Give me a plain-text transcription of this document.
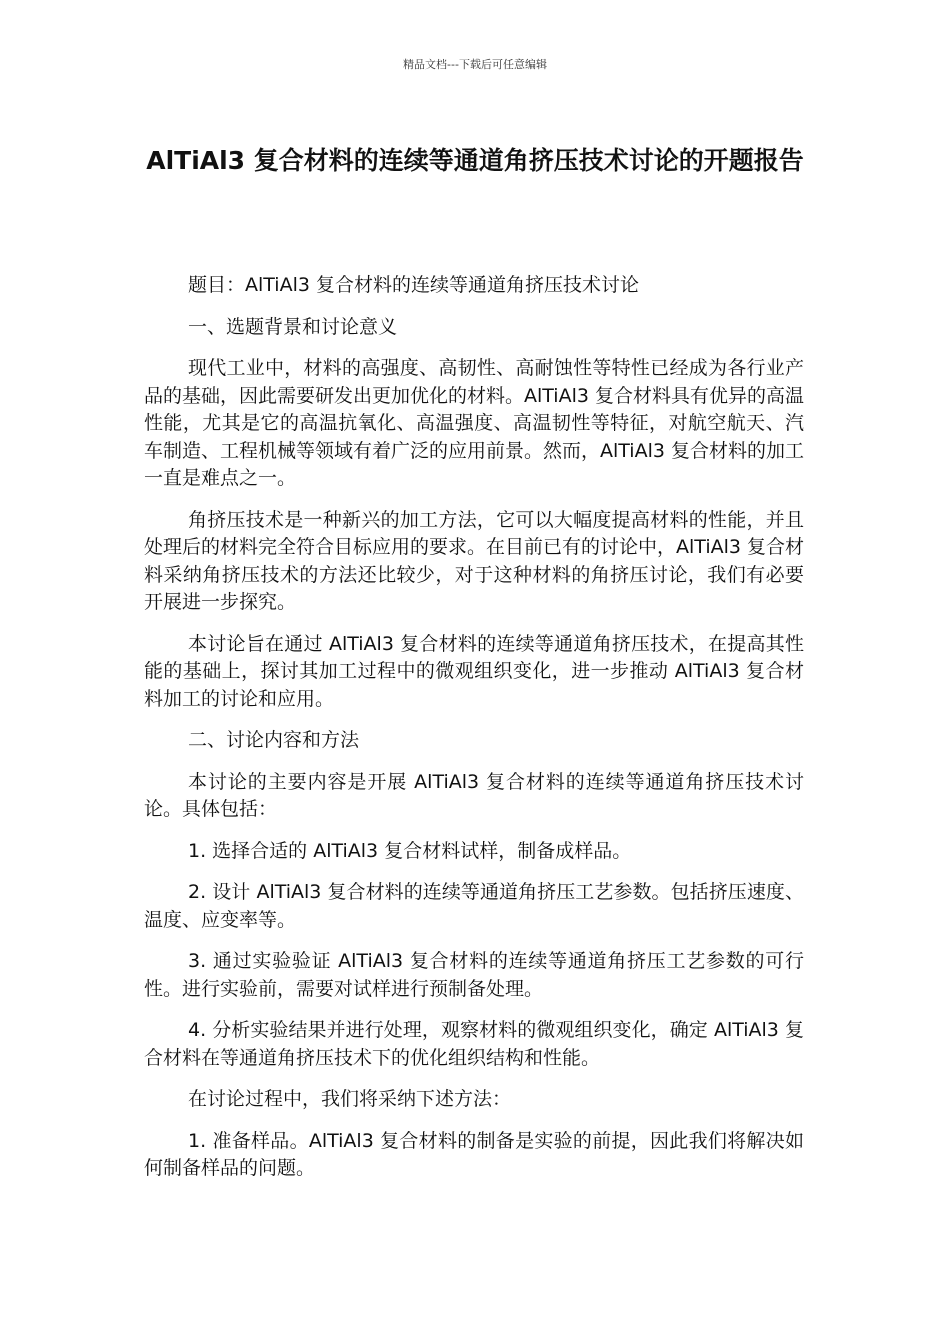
精品文档---下载后可任意编辑
AlTiAl3 复合材料的连续等通道角挤压技术讨论的开题报告

题目：AlTiAl3 复合材料的连续等通道角挤压技术讨论

一、选题背景和讨论意义

现代工业中，材料的高强度、高韧性、高耐蚀性等特性已经成为各行业产品的基础，因此需要研发出更加优化的材料。AlTiAl3 复合材料具有优异的高温性能，尤其是它的高温抗氧化、高温强度、高温韧性等特征，对航空航天、汽车制造、工程机械等领域有着广泛的应用前景。然而，AlTiAl3 复合材料的加工一直是难点之一。

角挤压技术是一种新兴的加工方法，它可以大幅度提高材料的性能，并且处理后的材料完全符合目标应用的要求。在目前已有的讨论中，AlTiAl3 复合材料采纳角挤压技术的方法还比较少，对于这种材料的角挤压讨论，我们有必要开展进一步探究。

本讨论旨在通过 AlTiAl3 复合材料的连续等通道角挤压技术，在提高其性能的基础上，探讨其加工过程中的微观组织变化，进一步推动 AlTiAl3 复合材料加工的讨论和应用。

二、讨论内容和方法

本讨论的主要内容是开展 AlTiAl3 复合材料的连续等通道角挤压技术讨论。具体包括：

1. 选择合适的 AlTiAl3 复合材料试样，制备成样品。

2. 设计 AlTiAl3 复合材料的连续等通道角挤压工艺参数。包括挤压速度、温度、应变率等。

3. 通过实验验证 AlTiAl3 复合材料的连续等通道角挤压工艺参数的可行性。进行实验前，需要对试样进行预制备处理。

4. 分析实验结果并进行处理，观察材料的微观组织变化，确定 AlTiAl3 复合材料在等通道角挤压技术下的优化组织结构和性能。

在讨论过程中，我们将采纳下述方法：

1. 准备样品。AlTiAl3 复合材料的制备是实验的前提，因此我们将解决如何制备样品的问题。
